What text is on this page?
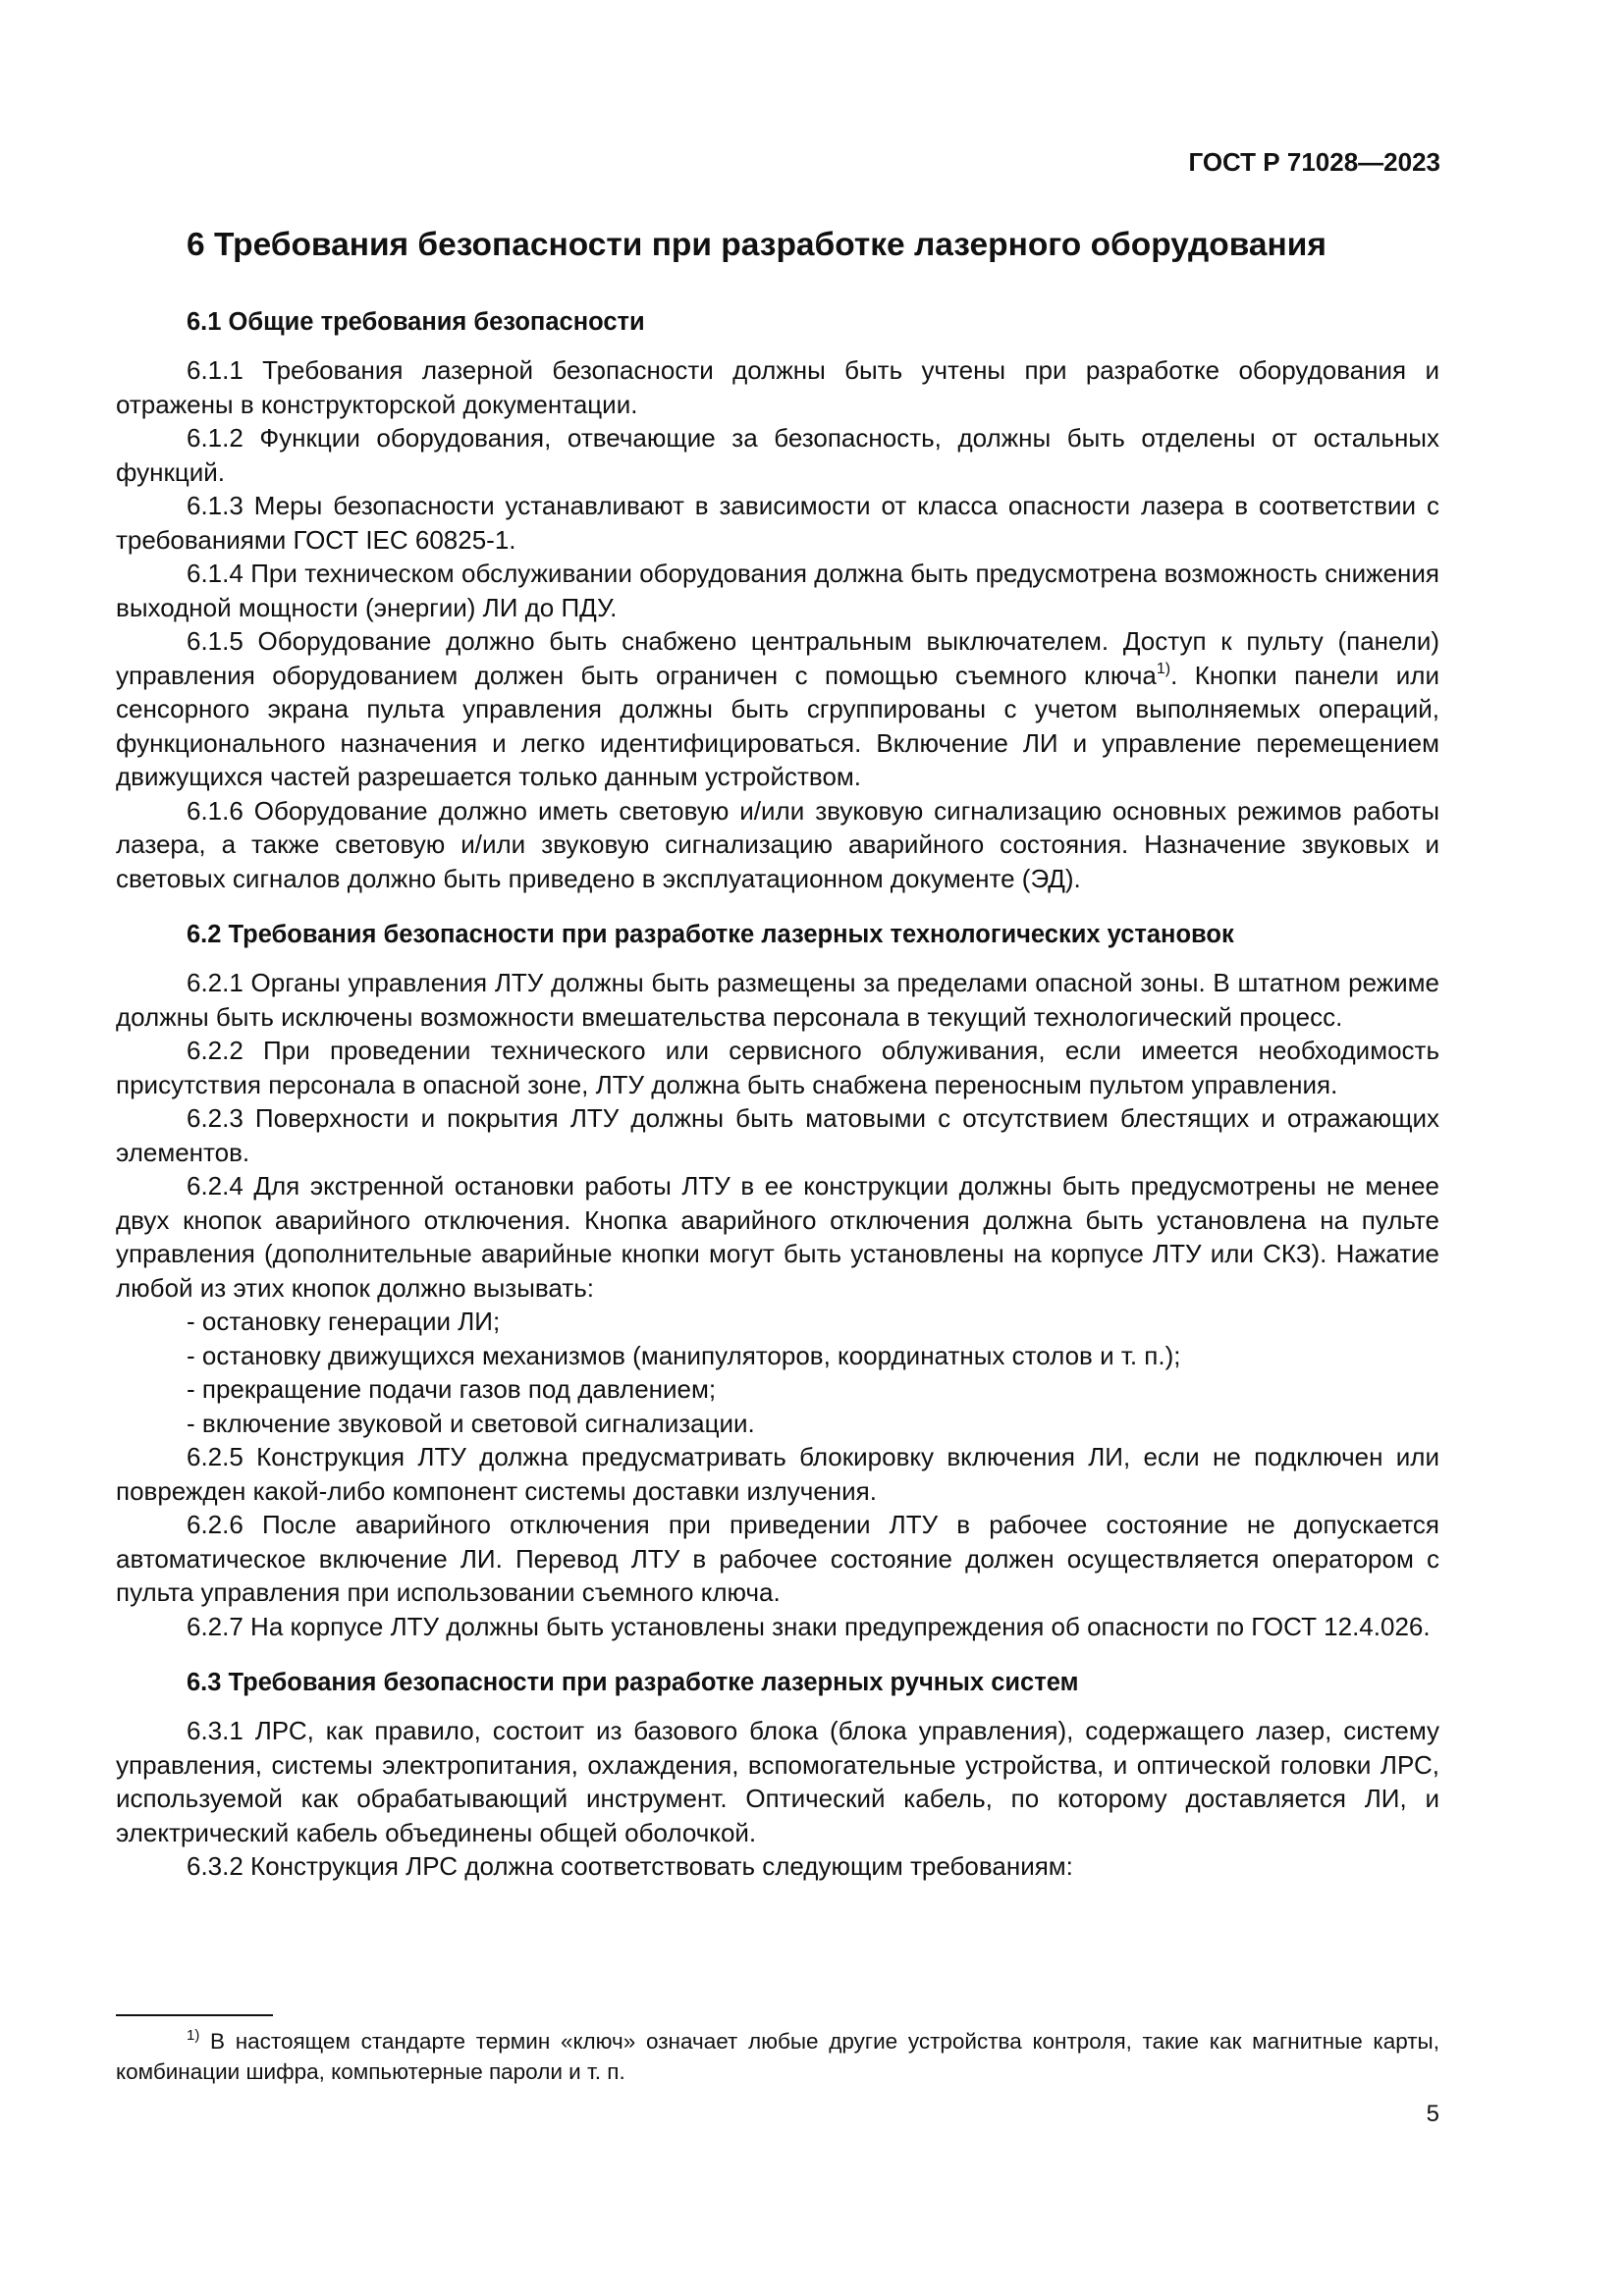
ГОСТ Р 71028—2023
6 Требования безопасности при разработке лазерного оборудования
6.1 Общие требования безопасности

6.1.1 Требования лазерной безопасности должны быть учтены при разработке оборудования и отражены в конструкторской документации.

6.1.2 Функции оборудования, отвечающие за безопасность, должны быть отделены от остальных функций.

6.1.3 Меры безопасности устанавливают в зависимости от класса опасности лазера в соответствии с требованиями ГОСТ IEC 60825-1.

6.1.4 При техническом обслуживании оборудования должна быть предусмотрена возможность снижения выходной мощности (энергии) ЛИ до ПДУ.

6.1.5 Оборудование должно быть снабжено центральным выключателем. Доступ к пульту (панели) управления оборудованием должен быть ограничен с помощью съемного ключа$^{1)}$. Кнопки панели или сенсорного экрана пульта управления должны быть сгруппированы с учетом выполняемых операций, функционального назначения и легко идентифицироваться. Включение ЛИ и управление перемещением движущихся частей разрешается только данным устройством.

6.1.6 Оборудование должно иметь световую и/или звуковую сигнализацию основных режимов работы лазера, а также световую и/или звуковую сигнализацию аварийного состояния. Назначение звуковых и световых сигналов должно быть приведено в эксплуатационном документе (ЭД).

6.2 Требования безопасности при разработке лазерных технологических установок

6.2.1 Органы управления ЛТУ должны быть размещены за пределами опасной зоны. В штатном режиме должны быть исключены возможности вмешательства персонала в текущий технологический процесс.

6.2.2 При проведении технического или сервисного облуживания, если имеется необходимость присутствия персонала в опасной зоне, ЛТУ должна быть снабжена переносным пультом управления.

6.2.3 Поверхности и покрытия ЛТУ должны быть матовыми с отсутствием блестящих и отражающих элементов.

6.2.4 Для экстренной остановки работы ЛТУ в ее конструкции должны быть предусмотрены не менее двух кнопок аварийного отключения. Кнопка аварийного отключения должна быть установлена на пульте управления (дополнительные аварийные кнопки могут быть установлены на корпусе ЛТУ или СКЗ). Нажатие любой из этих кнопок должно вызывать:

- остановку генерации ЛИ;
- остановку движущихся механизмов (манипуляторов, координатных столов и т. п.);
- прекращение подачи газов под давлением;
- включение звуковой и световой сигнализации.

6.2.5 Конструкция ЛТУ должна предусматривать блокировку включения ЛИ, если не подключен или поврежден какой-либо компонент системы доставки излучения.

6.2.6 После аварийного отключения при приведении ЛТУ в рабочее состояние не допускается автоматическое включение ЛИ. Перевод ЛТУ в рабочее состояние должен осуществляется оператором с пульта управления при использовании съемного ключа.

6.2.7 На корпусе ЛТУ должны быть установлены знаки предупреждения об опасности по ГОСТ 12.4.026.

6.3 Требования безопасности при разработке лазерных ручных систем

6.3.1 ЛРС, как правило, состоит из базового блока (блока управления), содержащего лазер, систему управления, системы электропитания, охлаждения, вспомогательные устройства, и оптической головки ЛРС, используемой как обрабатывающий инструмент. Оптический кабель, по которому доставляется ЛИ, и электрический кабель объединены общей оболочкой.

6.3.2 Конструкция ЛРС должна соответствовать следующим требованиям:

$^{1)}$ В настоящем стандарте термин «ключ» означает любые другие устройства контроля, такие как магнитные карты, комбинации шифра, компьютерные пароли и т. п.
5
